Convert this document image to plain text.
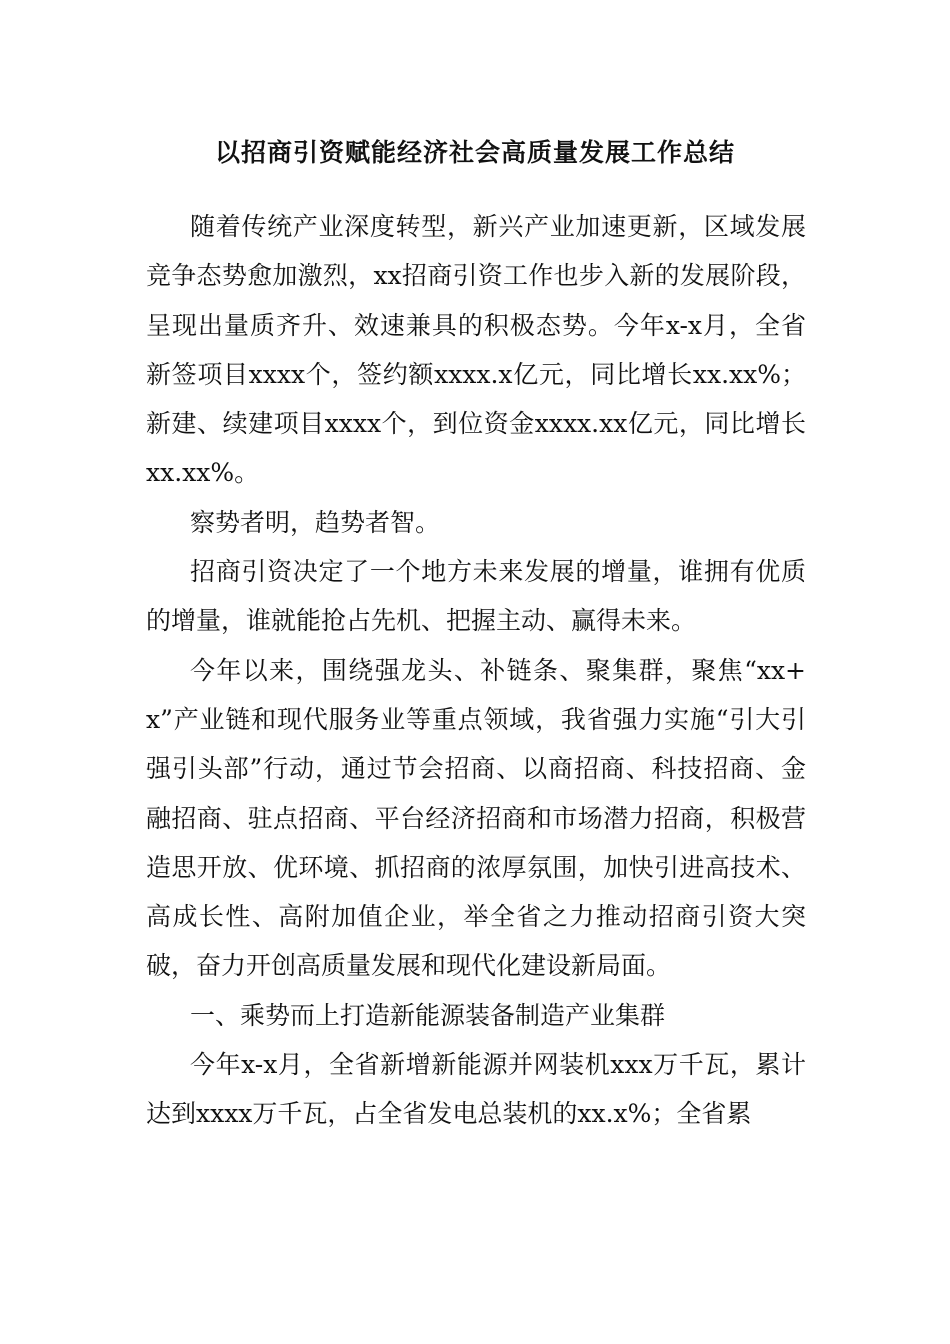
以招商引资赋能经济社会高质量发展工作总结

随着传统产业深度转型，新兴产业加速更新，区域发展竞争态势愈加激烈，xx招商引资工作也步入新的发展阶段，呈现出量质齐升、效速兼具的积极态势。今年x-x月，全省新签项目xxxx个，签约额xxxx.x亿元，同比增长xx.xx%；新建、续建项目xxxx个，到位资金xxxx.xx亿元，同比增长xx.xx%。

察势者明，趋势者智。

招商引资决定了一个地方未来发展的增量，谁拥有优质的增量，谁就能抢占先机、把握主动、赢得未来。

今年以来，围绕强龙头、补链条、聚集群，聚焦“xx+x”产业链和现代服务业等重点领域，我省强力实施“引大引强引头部”行动，通过节会招商、以商招商、科技招商、金融招商、驻点招商、平台经济招商和市场潜力招商，积极营造思开放、优环境、抓招商的浓厚氛围，加快引进高技术、高成长性、高附加值企业，举全省之力推动招商引资大突破，奋力开创高质量发展和现代化建设新局面。

一、乘势而上打造新能源装备制造产业集群

今年x-x月，全省新增新能源并网装机xxx万千瓦，累计达到xxxx万千瓦，占全省发电总装机的xx.x%；全省累
